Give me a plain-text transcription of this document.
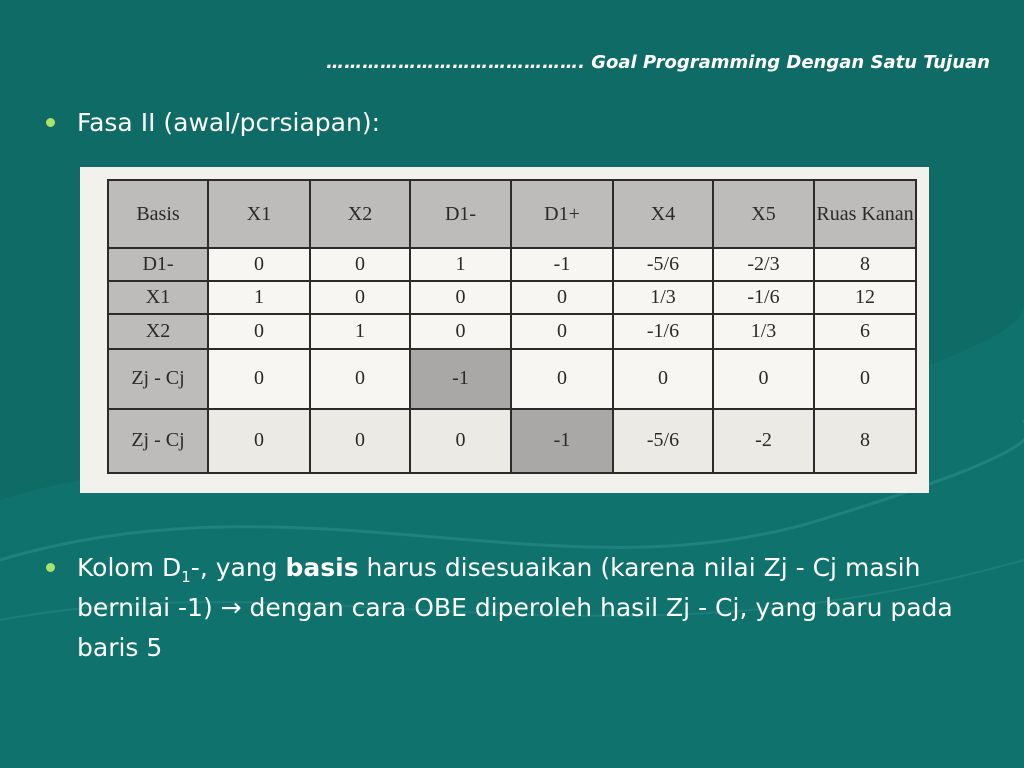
……………………………………. Goal Programming Dengan Satu Tujuan
Fasa II (awal/pcrsiapan):
Basis	X1	X2	D1-	D1+	X4	X5	Ruas Kanan
D1-	0	0	1	-1	-5/6	-2/3	8
X1	1	0	0	0	1/3	-1/6	12
X2	0	1	0	0	-1/6	1/3	6
Zj - Cj	0	0	-1	0	0	0	0
Zj - Cj	0	0	0	-1	-5/6	-2	8
Kolom $D_1-$, yang basis harus disesuaikan (karena nilai Zj - Cj masih bernilai -1) → dengan cara OBE diperoleh hasil Zj - Cj, yang baru pada baris 5
